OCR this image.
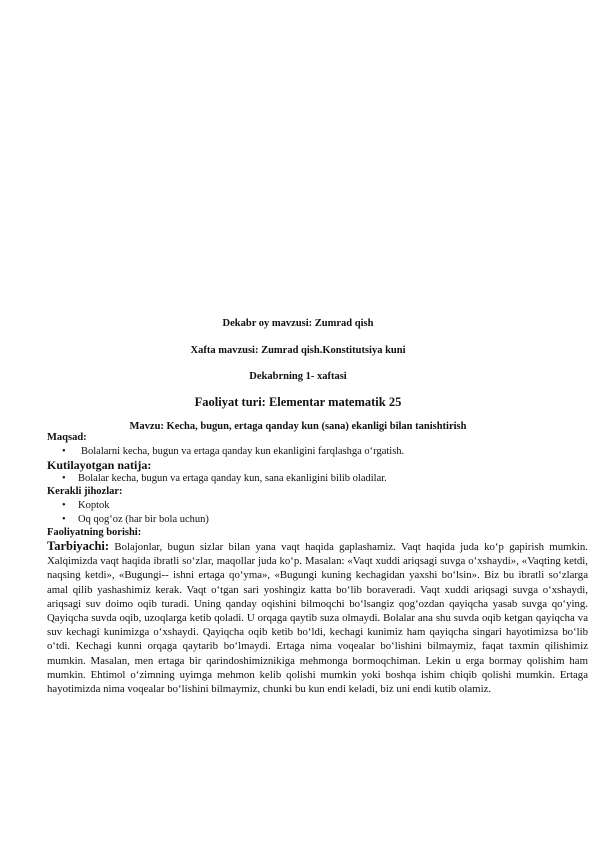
Dekabr oy mavzusi: Zumrad qish
Xafta mavzusi: Zumrad qish.Konstitutsiya kuni
Dekabrning 1- xaftasi
Faoliyat turi: Elementar matematik 25
Mavzu: Kecha, bugun, ertaga qanday kun (sana) ekanligi bilan tanishtirish
Maqsad:
• Bolalarni kecha, bugun va ertaga qanday kun ekanligini farqlashga o‘rgatish.
Kutilayotgan natija:
• Bolalar kecha, bugun va ertaga qanday kun, sana ekanligini bilib oladilar.
Kerakli jihozlar:
• Koptok
• Oq qog‘oz (har bir bola uchun)
Faoliyatning borishi:

Tarbiyachi: Bolajonlar, bugun sizlar bilan yana vaqt haqida gaplashamiz. Vaqt haqida juda ko‘p gapirish mumkin. Xalqimizda vaqt haqida ibratli so‘zlar, maqollar juda ko‘p. Masalan: «Vaqt xuddi ariqsagi suvga o‘xshaydi», «Vaqting ketdi, naqsing ketdi», «Bugungi-- ishni ertaga qo‘yma», «Bugungi kuning kechagidan yaxshi bo‘lsin». Biz bu ibratli so‘zlarga amal qilib yashashimiz kerak. Vaqt o‘tgan sari yoshingiz katta bo‘lib boraveradi. Vaqt xuddi ariqsagi suvga o‘xshaydi, ariqsagi suv doimo oqib turadi. Uning qanday oqishini bilmoqchi bo‘lsangiz qog‘ozdan qayiqcha yasab suvga qo‘ying. Qayiqcha suvda oqib, uzoqlarga ketib qoladi. U orqaga qaytib suza olmaydi. Bolalar ana shu suvda oqib ketgan qayiqcha va suv kechagi kunimizga o‘xshaydi. Qayiqcha oqib ketib bo‘ldi, kechagi kunimiz ham qayiqcha singari hayotimizsa bo‘lib o‘tdi. Kechagi kunni orqaga qaytarib bo‘lmaydi. Ertaga nima voqealar bo‘lishini bilmaymiz, faqat taxmin qilishimiz mumkin. Masalan, men ertaga bir qarindoshimiznikiga mehmonga bormoqchiman. Lekin u erga bormay qolishim ham mumkin. Ehtimol o‘zimning uyimga mehmon kelib qolishi mumkin yoki boshqa ishim chiqib qolishi mumkin. Ertaga hayotimizda nima voqealar bo‘lishini bilmaymiz, chunki bu kun endi keladi, biz uni endi kutib olamiz.
